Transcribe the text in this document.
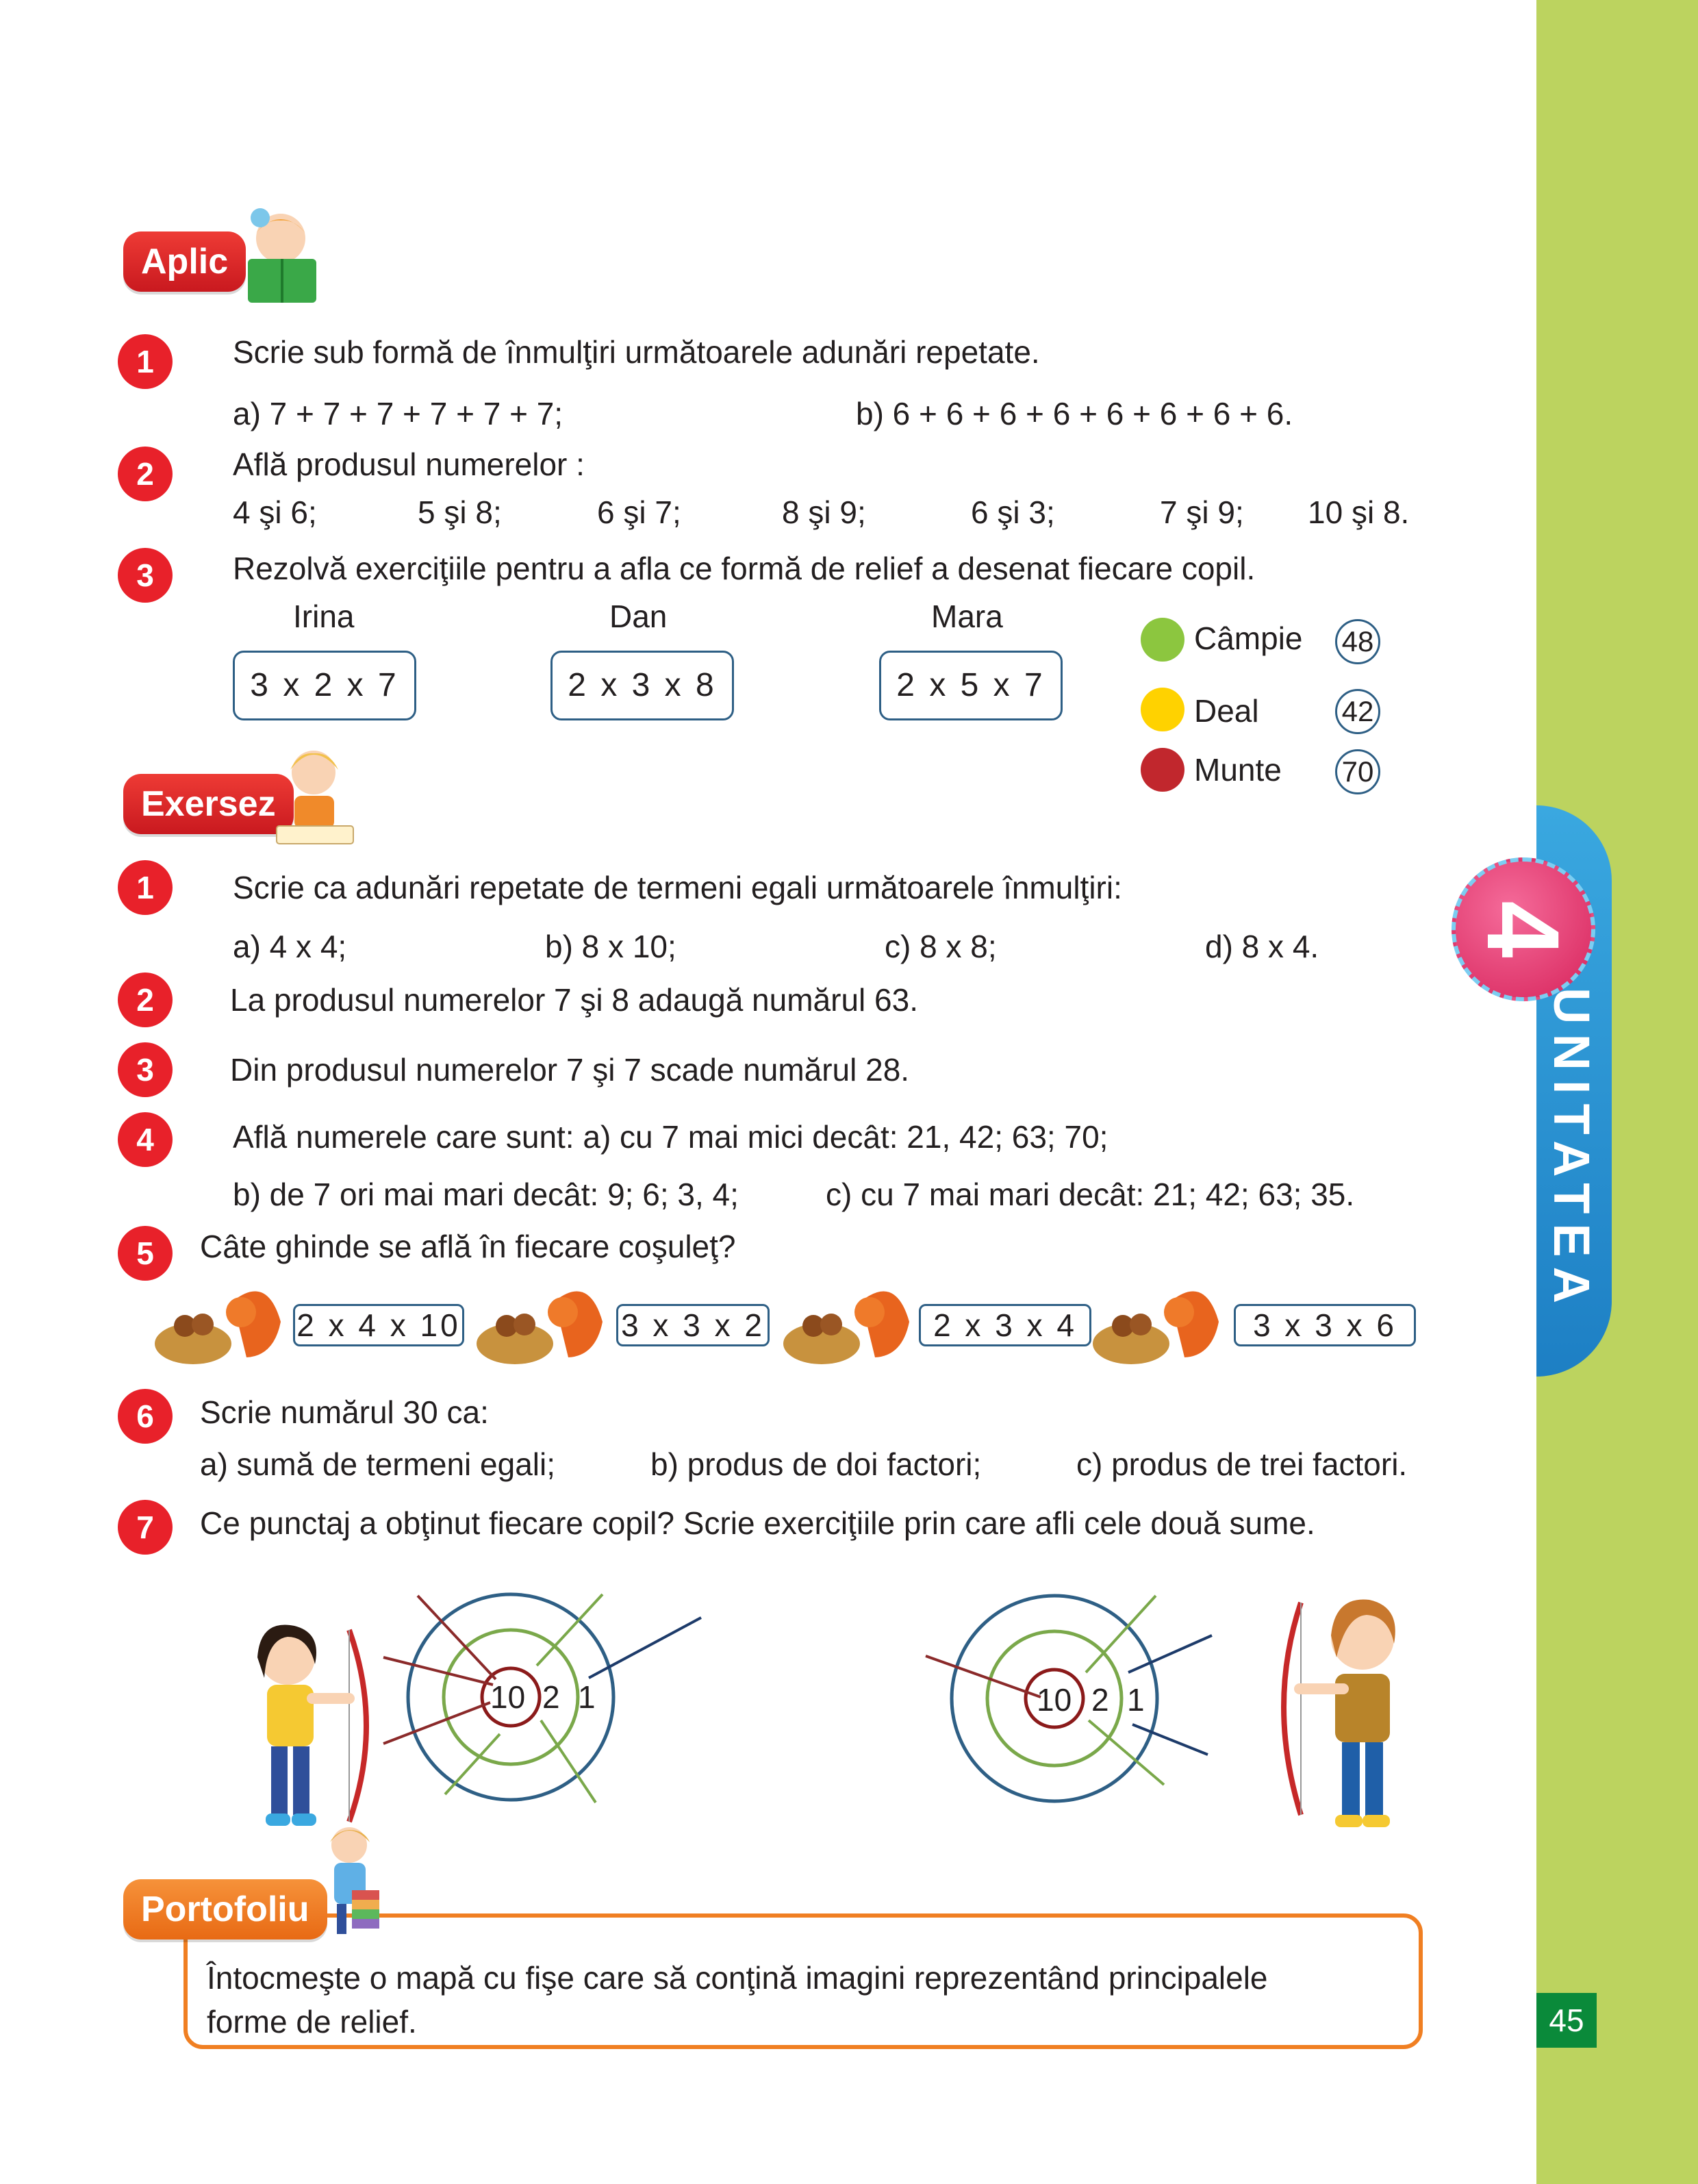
UNITATEA
4
45
Aplic
1	Scrie sub formă de înmulţiri următoarele adunări repetate.
a) 7 + 7 + 7 + 7 + 7 + 7;	b) 6 + 6 + 6 + 6 + 6 + 6 + 6 + 6.
2	Află produsul numerelor :
4 şi 6;	5 şi 8;	6 şi 7;	8 şi 9;	6 şi 3;	7 şi 9; 10 şi 8.
3	Rezolvă exerciţiile pentru a afla ce formă de relief a desenat fiecare copil.
Irina	Dan	Mara
3 x 2 x 7	2 x 3 x 8	2 x 5 x 7
Câmpie 48
Deal	42
Munte 70
Exersez
1	Scrie ca adunări repetate de termeni egali următoarele înmulţiri:
a) 4 x 4;	b) 8 x 10;	c) 8 x 8;	d) 8 x 4.
2	La produsul numerelor 7 şi 8 adaugă numărul 63.
3	Din produsul numerelor 7 şi 7 scade numărul 28.
4	Află numerele care sunt: a) cu 7 mai mici decât: 21, 42; 63; 70;
b) de 7 ori mai mari decât: 9; 6; 3, 4;	c) cu 7 mai mari decât: 21; 42; 63; 35.
5	Câte ghinde se află în fiecare coşuleţ?
2 x 4 x 10	3 x 3 x 2	2 x 3 x 4	3 x 3 x 6
6	Scrie numărul 30 ca:
a) sumă de termeni egali;	b) produs de doi factori;	c) produs de trei factori.
7	Ce punctaj a obţinut fiecare copil? Scrie exerciţiile prin care afli cele două sume.
10 2 1	10 2 1
Portofoliu
Întocmeşte o mapă cu fişe care să conţină imagini reprezentând principalele
forme de relief.
